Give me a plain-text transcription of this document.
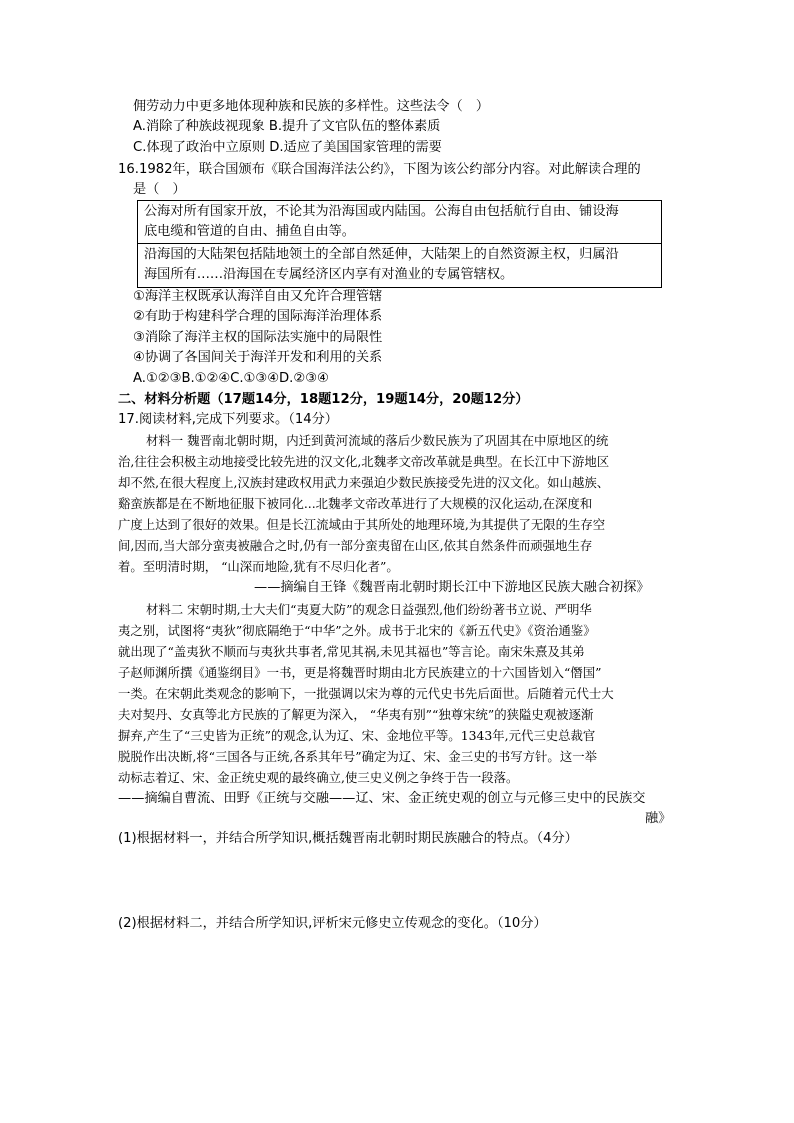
佣劳动力中更多地体现种族和民族的多样性。这些法令（　）
A.消除了种族歧视现象 B.提升了文官队伍的整体素质
C.体现了政治中立原则 D.适应了美国国家管理的需要
16.1982年，联合国颁布《联合国海洋法公约》，下图为该公约部分内容。对此解读合理的
是（　）
公海对所有国家开放，不论其为沿海国或内陆国。公海自由包括航行自由、铺设海
底电缆和管道的自由、捕鱼自由等。
沿海国的大陆架包括陆地领土的全部自然延伸，大陆架上的自然资源主权，归属沿
海国所有……沿海国在专属经济区内享有对渔业的专属管辖权。
①海洋主权既承认海洋自由又允许合理管辖
②有助于构建科学合理的国际海洋治理体系
③消除了海洋主权的国际法实施中的局限性
④协调了各国间关于海洋开发和利用的关系
A.①②③B.①②④C.①③④D.②③④
二、材料分析题（17题14分，18题12分，19题14分，20题12分）
17.阅读材料,完成下列要求。（14分）
材料一 魏晋南北朝时期，内迁到黄河流域的落后少数民族为了巩固其在中原地区的统
治,往往会积极主动地接受比较先进的汉文化,北魏孝文帝改革就是典型。在长江中下游地区
却不然,在很大程度上,汉族封建政权用武力来强迫少数民族接受先进的汉文化。如山越族、
谿蛮族都是在不断地征服下被同化...北魏孝文帝改革进行了大规模的汉化运动,在深度和
广度上达到了很好的效果。但是长江流域由于其所处的地理环境,为其提供了无限的生存空
间,因而,当大部分蛮夷被融合之时,仍有一部分蛮夷留在山区,依其自然条件而顽强地生存
着。至明清时期， “山深而地险,犹有不尽归化者”。
——摘编自王锋《魏晋南北朝时期长江中下游地区民族大融合初探》
材料二 宋朝时期,士大夫们“夷夏大防”的观念日益强烈,他们纷纷著书立说、严明华
夷之别，试图将“夷狄”彻底隔绝于“中华”之外。成书于北宋的《新五代史》《资治通鉴》
就出现了“盖夷狄不顺而与夷狄共事者,常见其祸,未见其福也”等言论。南宋朱熹及其弟
子赵师渊所撰《通鉴纲目》一书，更是将魏晋时期由北方民族建立的十六国皆划入“僭国”
一类。在宋朝此类观念的影响下，一批强调以宋为尊的元代史书先后面世。后随着元代士大
夫对契丹、女真等北方民族的了解更为深入， “华夷有别”“独尊宋统”的狭隘史观被逐渐
摒弃,产生了“三史皆为正统”的观念,认为辽、宋、金地位平等。1343年,元代三史总裁官
脱脱作出决断,将“三国各与正统,各系其年号”确定为辽、宋、金三史的书写方针。这一举
动标志着辽、宋、金正统史观的最终确立,使三史义例之争终于告一段落。
——摘编自曹流、田野《正统与交融——辽、宋、金正统史观的创立与元修三史中的民族交
融》
(1)根据材料一，并结合所学知识,概括魏晋南北朝时期民族融合的特点。（4分）
(2)根据材料二，并结合所学知识,评析宋元修史立传观念的变化。（10分）
